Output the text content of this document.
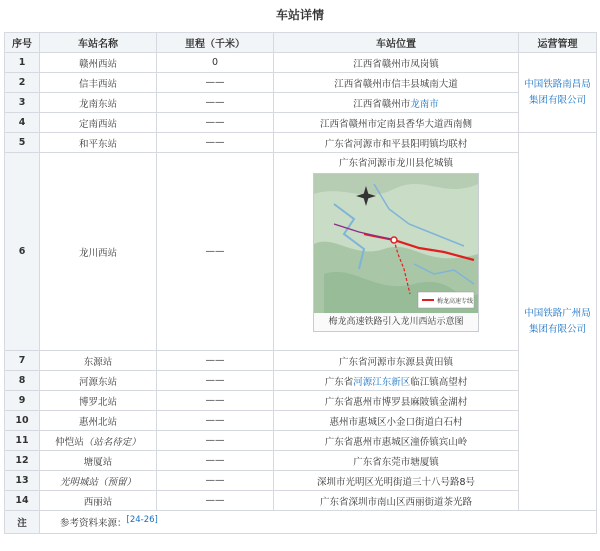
车站详情
序号	车站名称	里程（千米）	车站位置	运营管理
1	赣州西站	0	江西省赣州市凤岗镇	中国铁路南昌局集团有限公司
2	信丰西站	——	江西省赣州市信丰县城南大道	
3	龙南东站	——	江西省赣州市龙南市	
4	定南西站	——	江西省赣州市定南县香华大道西南侧	
5	和平东站	——	广东省河源市和平县阳明镇均联村	中国铁路广州局集团有限公司
6	龙川西站	——	广东省河源市龙川县佗城镇
梅龙高速专线
梅龙高速铁路引入龙川西站示意图	

7	东源站	——	广东省河源市东源县黄田镇	
8	河源东站	——	广东省河源江东新区临江镇高望村	
9	博罗北站	——	广东省惠州市博罗县麻陂镇金湖村	
10	惠州北站	——	惠州市惠城区小金口街道白石村	
11	仲恺站（站名待定）	——	广东省惠州市惠城区潼侨镇宾山岭	
12	塘厦站	——	广东省东莞市塘厦镇	
13	光明城站（预留）	——	深圳市光明区光明街道三十八号路8号	
14	西丽站	——	广东省深圳市南山区西丽街道茶光路	
注	参考资料来源：[24-26]
